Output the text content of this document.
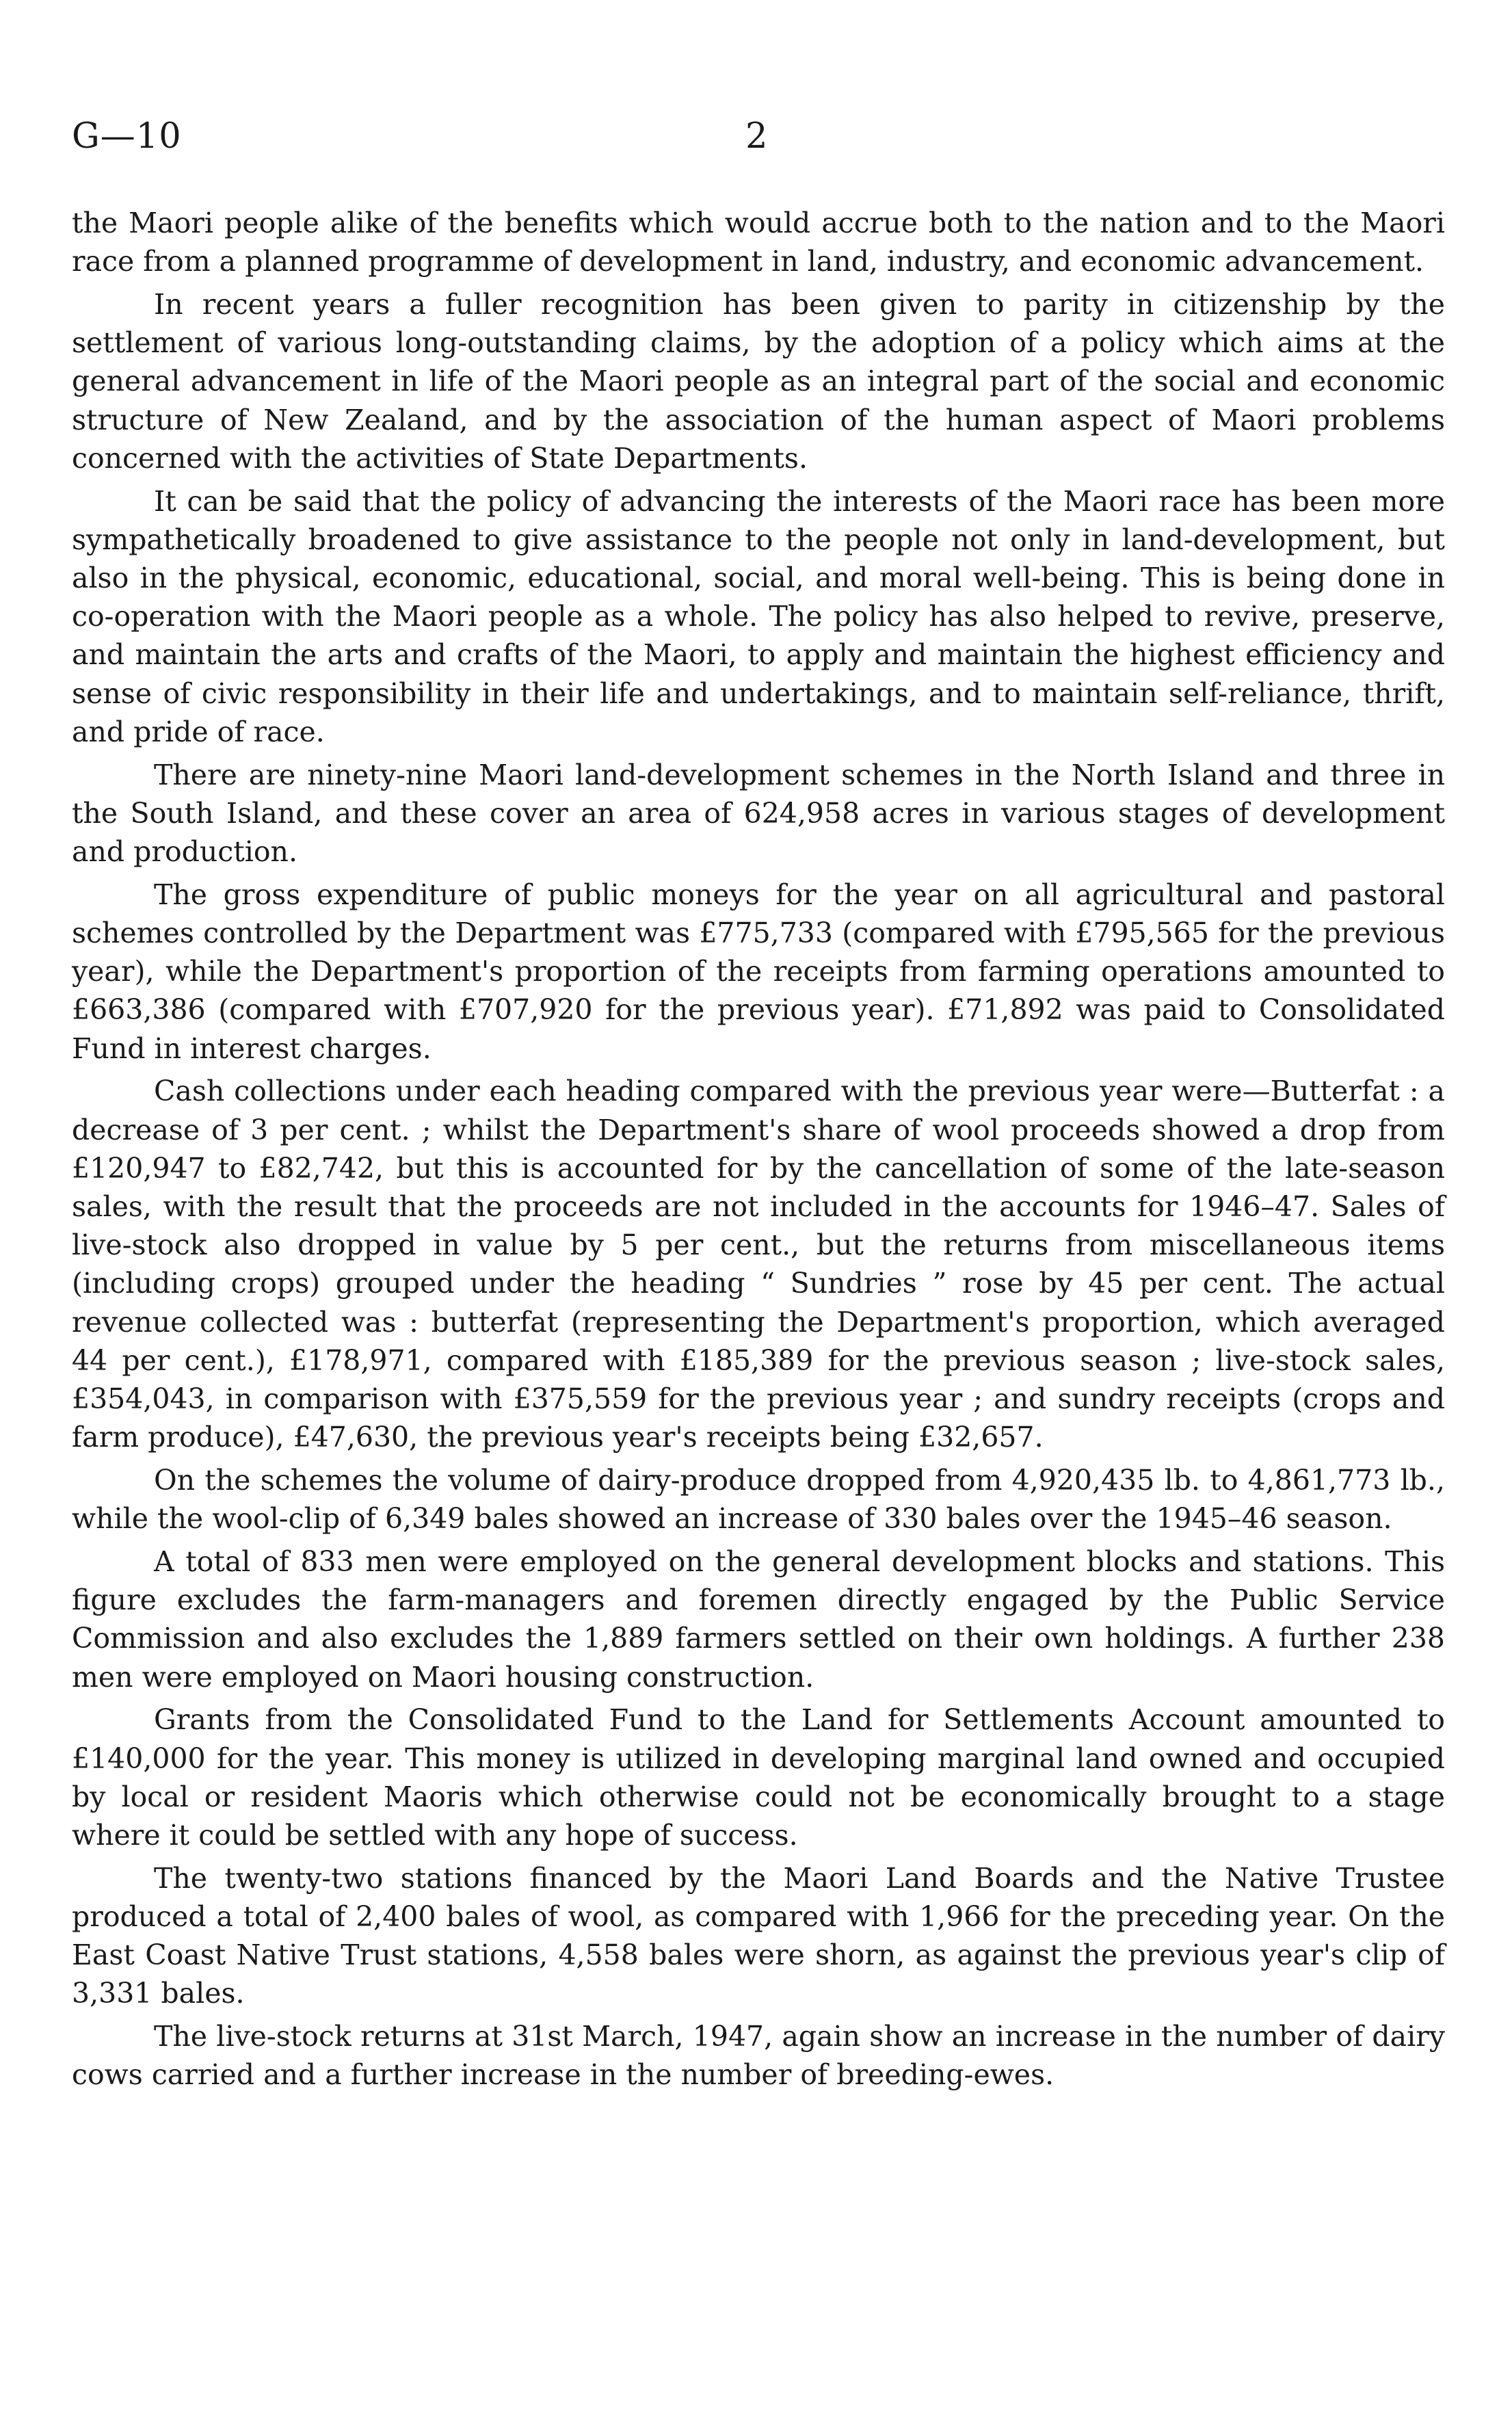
G—10	2

the Maori people alike of the benefits which would accrue both to the nation and to the Maori race from a planned programme of development in land, industry, and economic advancement.

In recent years a fuller recognition has been given to parity in citizenship by the settlement of various long-outstanding claims, by the adoption of a policy which aims at the general advancement in life of the Maori people as an integral part of the social and economic structure of New Zealand, and by the association of the human aspect of Maori problems concerned with the activities of State Departments.

It can be said that the policy of advancing the interests of the Maori race has been more sympathetically broadened to give assistance to the people not only in land-development, but also in the physical, economic, educational, social, and moral well-being. This is being done in co-operation with the Maori people as a whole. The policy has also helped to revive, preserve, and maintain the arts and crafts of the Maori, to apply and maintain the highest efficiency and sense of civic responsibility in their life and undertakings, and to maintain self-reliance, thrift, and pride of race.

There are ninety-nine Maori land-development schemes in the North Island and three in the South Island, and these cover an area of 624,958 acres in various stages of development and production.

The gross expenditure of public moneys for the year on all agricultural and pastoral schemes controlled by the Department was £775,733 (compared with £795,565 for the previous year), while the Department's proportion of the receipts from farming operations amounted to £663,386 (compared with £707,920 for the previous year). £71,892 was paid to Consolidated Fund in interest charges.

Cash collections under each heading compared with the previous year were—Butterfat : a decrease of 3 per cent. ; whilst the Department's share of wool proceeds showed a drop from £120,947 to £82,742, but this is accounted for by the cancellation of some of the late-season sales, with the result that the proceeds are not included in the accounts for 1946–47. Sales of live-stock also dropped in value by 5 per cent., but the returns from miscellaneous items (including crops) grouped under the heading “ Sundries ” rose by 45 per cent. The actual revenue collected was : butterfat (representing the Department's proportion, which averaged 44 per cent.), £178,971, compared with £185,389 for the previous season ; live-stock sales, £354,043, in comparison with £375,559 for the previous year ; and sundry receipts (crops and farm produce), £47,630, the previous year's receipts being £32,657.

On the schemes the volume of dairy-produce dropped from 4,920,435 lb. to 4,861,773 lb., while the wool-clip of 6,349 bales showed an increase of 330 bales over the 1945–46 season.

A total of 833 men were employed on the general development blocks and stations. This figure excludes the farm-managers and foremen directly engaged by the Public Service Commission and also excludes the 1,889 farmers settled on their own holdings. A further 238 men were employed on Maori housing construction.

Grants from the Consolidated Fund to the Land for Settlements Account amounted to £140,000 for the year. This money is utilized in developing marginal land owned and occupied by local or resident Maoris which otherwise could not be economically brought to a stage where it could be settled with any hope of success.

The twenty-two stations financed by the Maori Land Boards and the Native Trustee produced a total of 2,400 bales of wool, as compared with 1,966 for the preceding year. On the East Coast Native Trust stations, 4,558 bales were shorn, as against the previous year's clip of 3,331 bales.

The live-stock returns at 31st March, 1947, again show an increase in the number of dairy cows carried and a further increase in the number of breeding-ewes.
